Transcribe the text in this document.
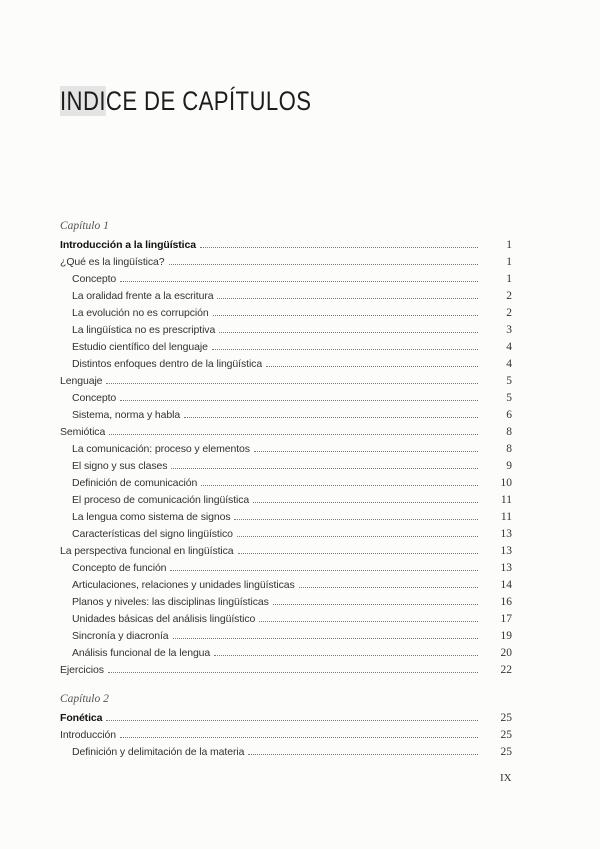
INDICE DE CAPÍTULOS
IX
Capítulo 1
Introducción a la lingüística	1
¿Qué es la lingüística?	1
Concepto	1
La oralidad frente a la escritura	2
La evolución no es corrupción	2
La lingüística no es prescriptiva	3
Estudio científico del lenguaje	4
Distintos enfoques dentro de la lingüística	4
Lenguaje	5
Concepto	5
Sistema, norma y habla	6
Semiótica	8
La comunicación: proceso y elementos	8
El signo y sus clases	9
Definición de comunicación	10
El proceso de comunicación lingüística	11
La lengua como sistema de signos	11
Características del signo lingüístico	13
La perspectiva funcional en lingüística	13
Concepto de función	13
Articulaciones, relaciones y unidades lingüísticas	14
Planos y niveles: las disciplinas lingüísticas	16
Unidades básicas del análisis lingüístico	17
Sincronía y diacronía	19
Análisis funcional de la lengua	20
Ejercicios	22
Capítulo 2
Fonética	25
Introducción	25
Definición y delimitación de la materia	25
